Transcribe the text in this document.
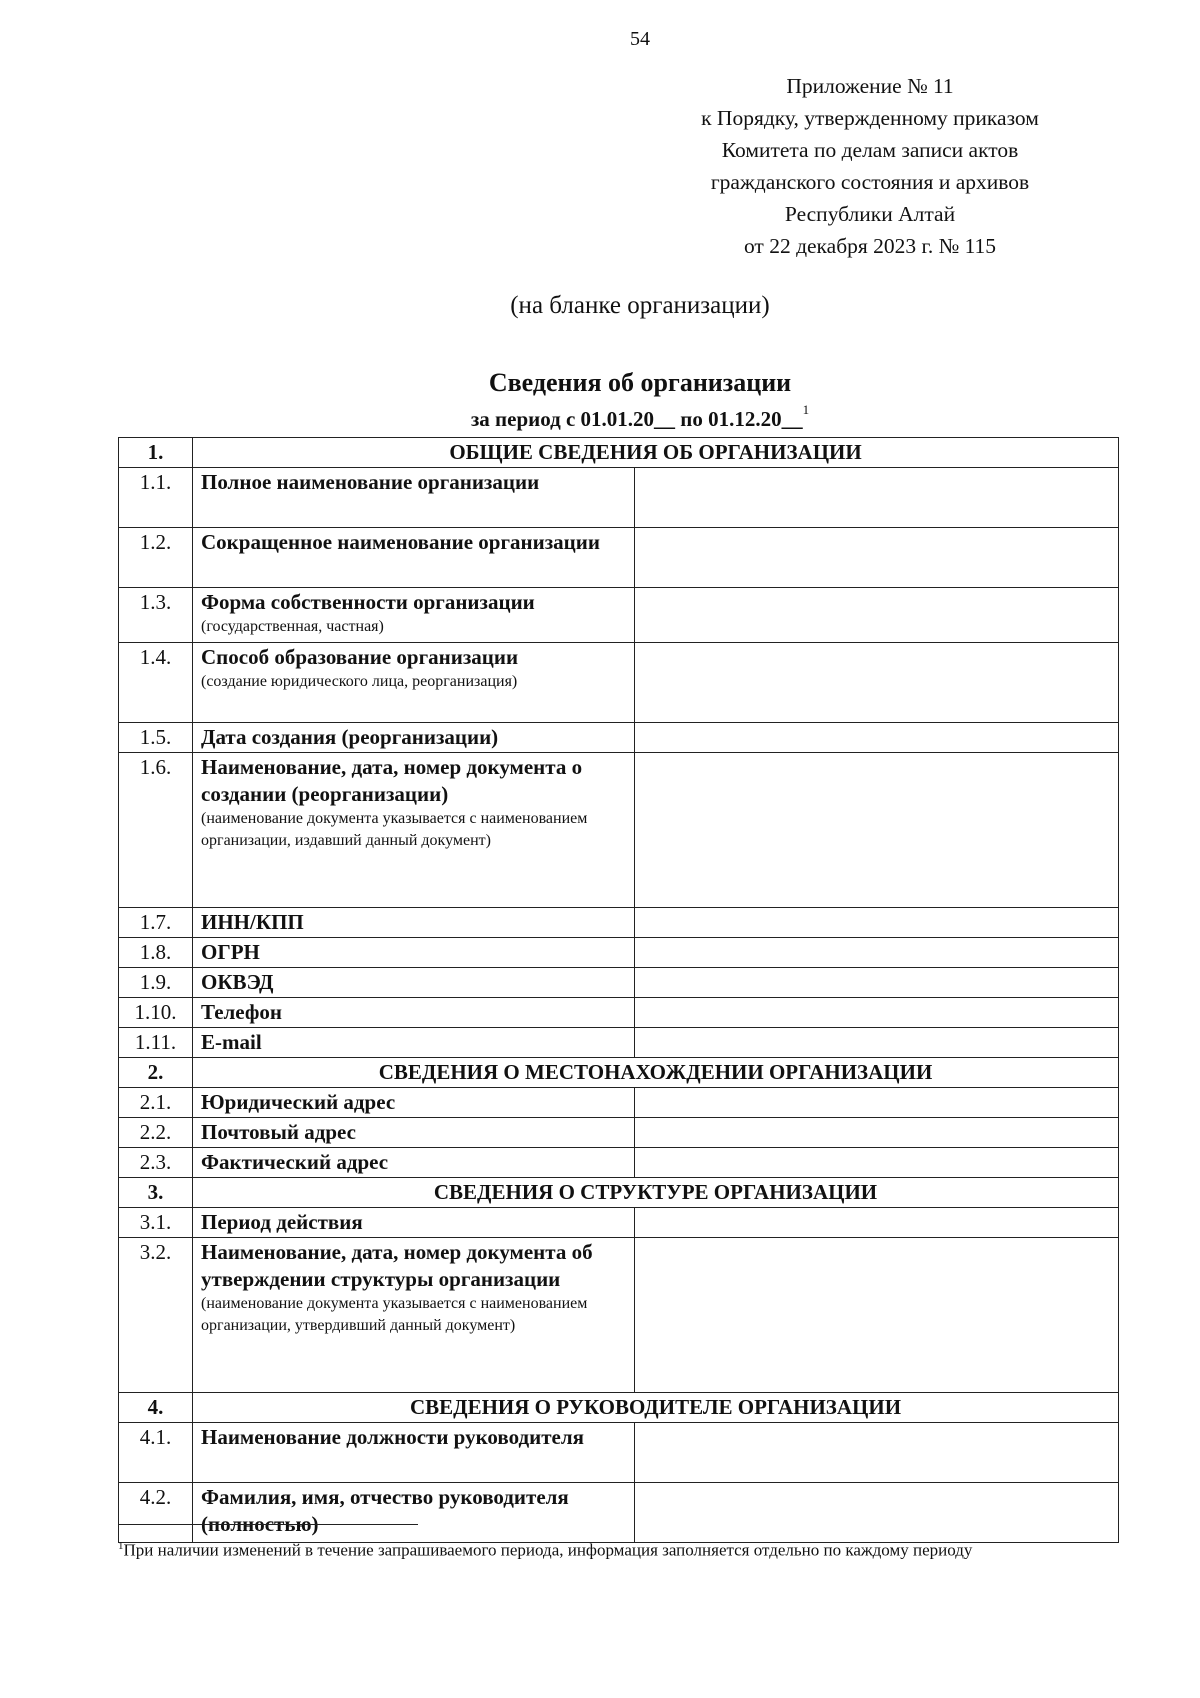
54
Приложение № 11
к Порядку, утвержденному приказом
Комитета по делам записи актов
гражданского состояния и архивов
Республики Алтай
от 22 декабря 2023 г. № 115
(на бланке организации)
Сведения об организации
за период с 01.01.20__ по 01.12.20__$^1$
1.	ОБЩИЕ СВЕДЕНИЯ ОБ ОРГАНИЗАЦИИ	
1.1.	Полное наименование организации	

1.2.	Сокращенное наименование организации	

1.3.	Форма собственности организации
(государственная, частная)	

1.4.	Способ образование организации
(создание юридического лица, реорганизация)	

1.5.	Дата создания (реорганизации)	

1.6.	Наименование, дата, номер документа о создании (реорганизации)
(наименование документа указывается с наименованием организации, издавший данный документ)	

1.7.	ИНН/КПП	

1.8.	ОГРН	

1.9.	ОКВЭД	

1.10.	Телефон	

1.11.	E-mail	

2.	СВЕДЕНИЯ О МЕСТОНАХОЖДЕНИИ ОРГАНИЗАЦИИ	
2.1.	Юридический адрес	

2.2.	Почтовый адрес	

2.3.	Фактический адрес	

3.	СВЕДЕНИЯ О СТРУКТУРЕ ОРГАНИЗАЦИИ	
3.1.	Период действия	

3.2.	Наименование, дата, номер документа об утверждении структуры организации
(наименование документа указывается с наименованием организации, утвердивший данный документ)	

4.	СВЕДЕНИЯ О РУКОВОДИТЕЛЕ ОРГАНИЗАЦИИ	
4.1.	Наименование должности руководителя	

4.2.	Фамилия, имя, отчество руководителя (полностью)	

$^1$При наличии изменений в течение запрашиваемого периода, информация заполняется отдельно по каждому периоду
